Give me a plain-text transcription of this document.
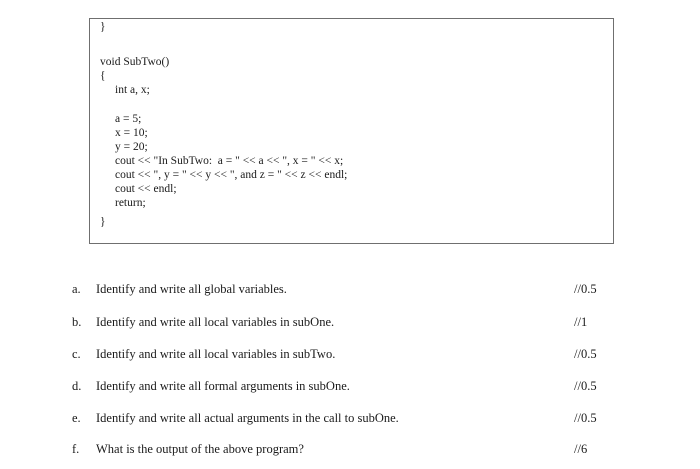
}
void SubTwo()
{
int a, x;
a = 5;
x = 10;
y = 20;
cout << "In SubTwo:  a = " << a << ", x = " << x;
cout << ", y = " << y << ", and z = " << z << endl;
cout << endl;
return;
}
a. Identify and write all global variables.	//0.5
b. Identify and write all local variables in subOne.	//1
c. Identify and write all local variables in subTwo.	//0.5
d. Identify and write all formal arguments in subOne.	//0.5
e. Identify and write all actual arguments in the call to subOne.	//0.5
f. What is the output of the above program?	//6
